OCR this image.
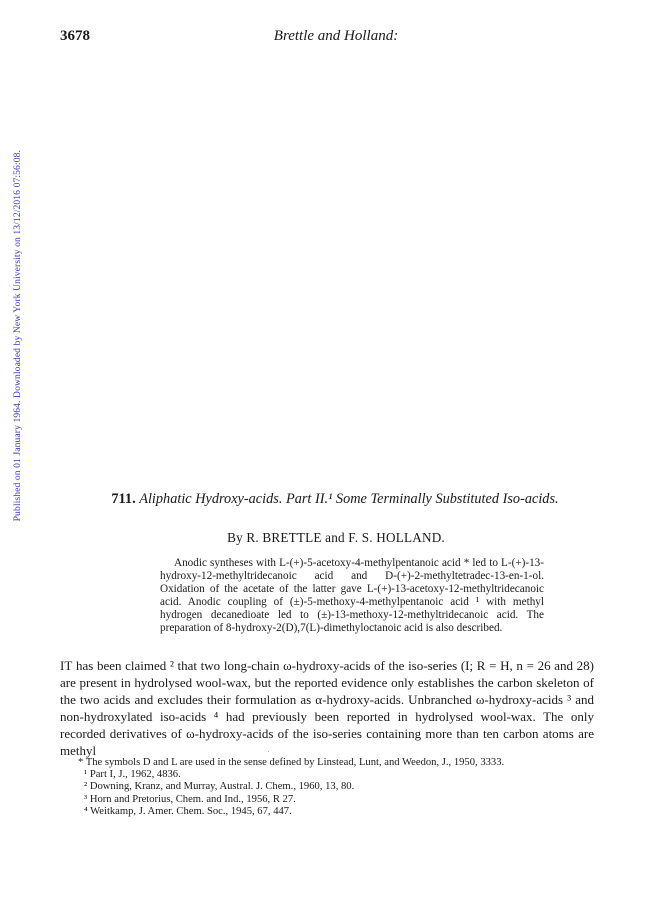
3678	Brettle and Holland:
Published on 01 January 1964. Downloaded by New York University on 13/12/2016 07:56:08.	711. Aliphatic Hydroxy-acids. Part II.¹ Some Terminally Substituted Iso-acids.
By R. BRETTLE and F. S. HOLLAND.

Anodic syntheses with L-(+)-5-acetoxy-4-methylpentanoic acid * led to L-(+)-13-hydroxy-12-methyltridecanoic acid and D-(+)-2-methyltetradec-13-en-1-ol. Oxidation of the acetate of the latter gave L-(+)-13-acetoxy-12-methyltridecanoic acid. Anodic coupling of (±)-5-methoxy-4-methylpentanoic acid ¹ with methyl hydrogen decanedioate led to (±)-13-methoxy-12-methyltridecanoic acid. The preparation of 8-hydroxy-2(D),7(L)-dimethyloctanoic acid is also described.

IT has been claimed ² that two long-chain ω-hydroxy-acids of the iso-series (I; R = H, n = 26 and 28) are present in hydrolysed wool-wax, but the reported evidence only establishes the carbon skeleton of the two acids and excludes their formulation as α-hydroxy-acids. Unbranched ω-hydroxy-acids ³ and non-hydroxylated iso-acids ⁴ had previously been reported in hydrolysed wool-wax. The only recorded derivatives of ω-hydroxy-acids of the iso-series containing more than ten carbon atoms are methyl

* The symbols D and L are used in the sense defined by Linstead, Lunt, and Weedon, J., 1950, 3333.

¹ Part I, J., 1962, 4836.
² Downing, Kranz, and Murray, Austral. J. Chem., 1960, 13, 80.
³ Horn and Pretorius, Chem. and Ind., 1956, R 27.
⁴ Weitkamp, J. Amer. Chem. Soc., 1945, 67, 447.
